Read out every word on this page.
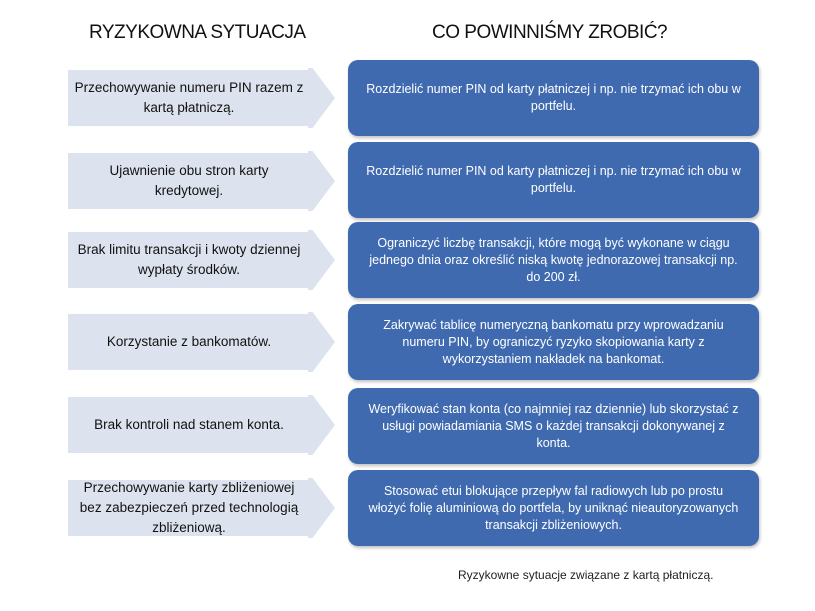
RYZYKOWNA SYTUACJA	CO POWINNIŚMY ZROBIĆ?
Przechowywanie numeru PIN razem z kartą płatniczą.
Rozdzielić numer PIN od karty płatniczej i np. nie trzymać ich obu w portfelu.
Ujawnienie obu stron karty kredytowej.
Rozdzielić numer PIN od karty płatniczej i np. nie trzymać ich obu w portfelu.
Brak limitu transakcji i kwoty dziennej wypłaty środków.
Ograniczyć liczbę transakcji, które mogą być wykonane w ciągu jednego dnia oraz określić niską kwotę jednorazowej transakcji np. do 200 zł.
Korzystanie z bankomatów.
Zakrywać tablicę numeryczną bankomatu przy wprowadzaniu numeru PIN, by ograniczyć ryzyko skopiowania karty z wykorzystaniem nakładek na bankomat.
Brak kontroli nad stanem konta.
Weryfikować stan konta (co najmniej raz dziennie) lub skorzystać z usługi powiadamiania SMS o każdej transakcji dokonywanej z konta.
Przechowywanie karty zbliżeniowej bez zabezpieczeń przed technologią zbliżeniową.
Stosować etui blokujące przepływ fal radiowych lub po prostu włożyć folię aluminiową do portfela, by uniknąć nieautoryzowanych transakcji zbliżeniowych.
Ryzykowne sytuacje związane z kartą płatniczą.
